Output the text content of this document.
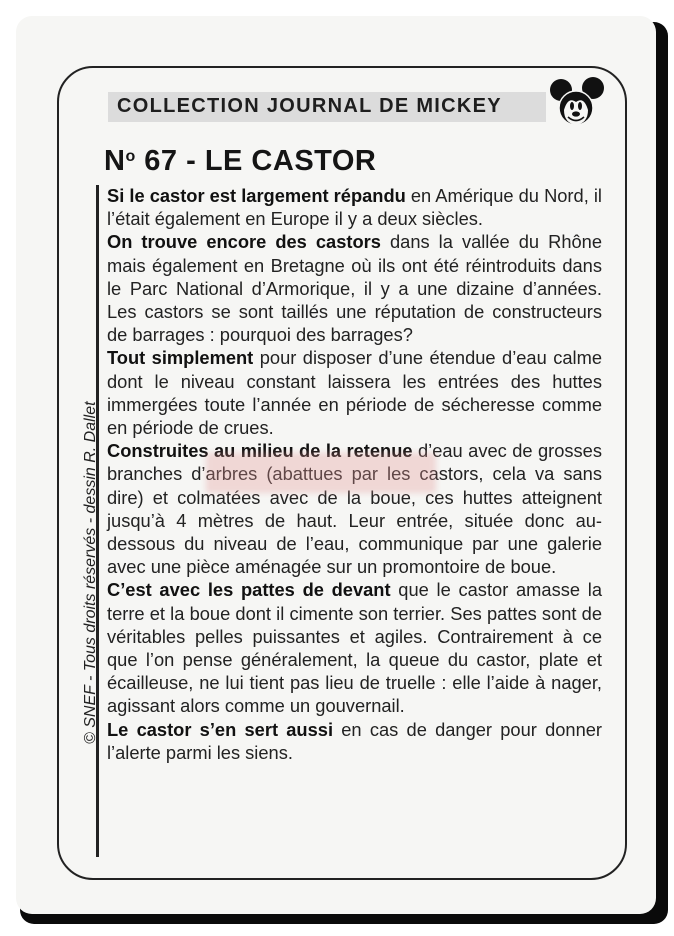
COLLECTION JOURNAL DE MICKEY
$N^o$ 67 - LE CASTOR

Si le castor est largement répandu en Amérique du Nord, il l’était également en Europe il y a deux siècles.

On trouve encore des castors dans la vallée du Rhône mais également en Bretagne où ils ont été réintroduits dans le Parc National d’Armorique, il y a une dizaine d’années. Les castors se sont taillés une réputation de constructeurs de barrages : pourquoi des barrages?

Tout simplement pour disposer d’une étendue d’eau calme dont le niveau constant laissera les entrées des huttes immergées toute l’année en période de sécheresse comme en période de crues.

Construites au milieu de la retenue d’eau avec de grosses branches d’arbres (abattues par les castors, cela va sans dire) et colmatées avec de la boue, ces huttes atteignent jusqu’à 4 mètres de haut. Leur entrée, située donc au-dessous du niveau de l’eau, communique par une galerie avec une pièce aménagée sur un promontoire de boue.

C’est avec les pattes de devant que le castor amasse la terre et la boue dont il cimente son terrier. Ses pattes sont de véritables pelles puissantes et agiles. Contrairement à ce que l’on pense généralement, la queue du castor, plate et écailleuse, ne lui tient pas lieu de truelle : elle l’aide à nager, agissant alors comme un gouvernail.

Le castor s’en sert aussi en cas de danger pour donner l’alerte parmi les siens.

© SNEF - Tous droits réservés - dessin R. Dallet
